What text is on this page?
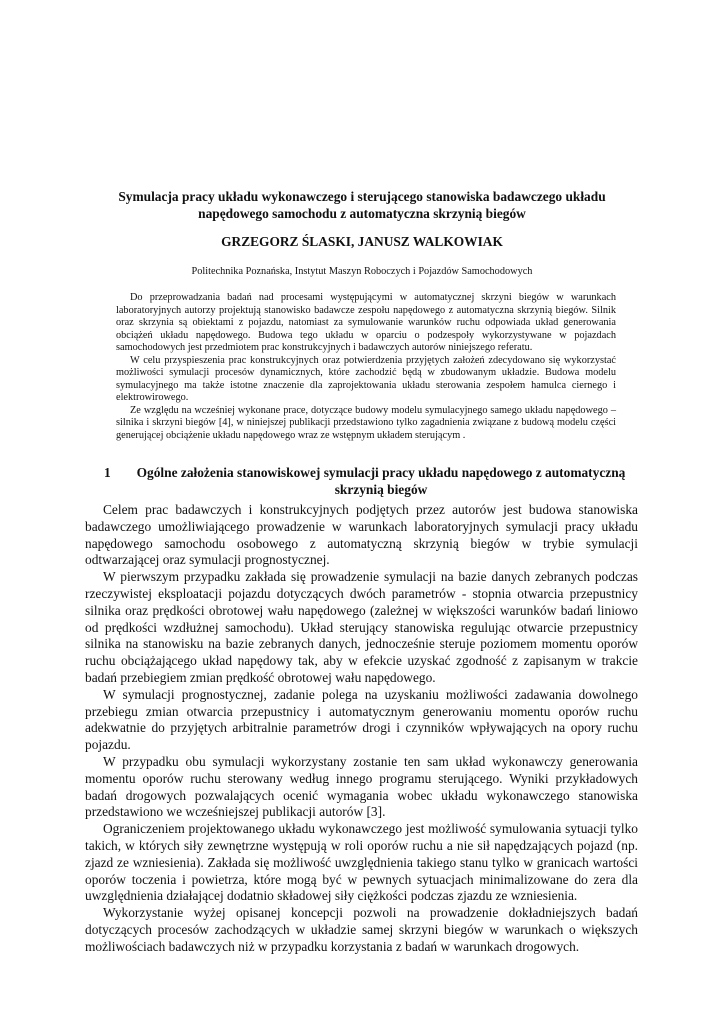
Symulacja pracy układu wykonawczego i sterującego stanowiska badawczego układu napędowego samochodu z automatyczna skrzynią biegów
GRZEGORZ ŚLASKI, JANUSZ WALKOWIAK
Politechnika Poznańska, Instytut Maszyn Roboczych i Pojazdów Samochodowych

Do przeprowadzania badań nad procesami występującymi w automatycznej skrzyni biegów w warunkach laboratoryjnych autorzy projektują stanowisko badawcze zespołu napędowego z automatyczna skrzynią biegów. Silnik oraz skrzynia są obiektami z pojazdu, natomiast za symulowanie warunków ruchu odpowiada układ generowania obciążeń układu napędowego. Budowa tego układu w oparciu o podzespoły wykorzystywane w pojazdach samochodowych jest przedmiotem prac konstrukcyjnych i badawczych autorów niniejszego referatu.

W celu przyspieszenia prac konstrukcyjnych oraz potwierdzenia przyjętych założeń zdecydowano się wykorzystać możliwości symulacji procesów dynamicznych, które zachodzić będą w zbudowanym układzie. Budowa modelu symulacyjnego ma także istotne znaczenie dla zaprojektowania układu sterowania zespołem hamulca ciernego i elektrowirowego.

Ze względu na wcześniej wykonane prace, dotyczące budowy modelu symulacyjnego samego układu napędowego – silnika i skrzyni biegów [4], w niniejszej publikacji przedstawiono tylko zagadnienia związane z budową modelu części generującej obciążenie układu napędowego wraz ze wstępnym układem sterującym .

1	Ogólne założenia stanowiskowej symulacji pracy układu napędowego z automatyczną skrzynią biegów

Celem prac badawczych i konstrukcyjnych podjętych przez autorów jest budowa stanowiska badawczego umożliwiającego prowadzenie w warunkach laboratoryjnych symulacji pracy układu napędowego samochodu osobowego z automatyczną skrzynią biegów w trybie symulacji odtwarzającej oraz symulacji prognostycznej.

W pierwszym przypadku zakłada się prowadzenie symulacji na bazie danych zebranych podczas rzeczywistej eksploatacji pojazdu dotyczących dwóch parametrów - stopnia otwarcia przepustnicy silnika oraz prędkości obrotowej wału napędowego (zależnej w większości warunków badań liniowo od prędkości wzdłużnej samochodu). Układ sterujący stanowiska regulując otwarcie przepustnicy silnika na stanowisku na bazie zebranych danych, jednocześnie steruje poziomem momentu oporów ruchu obciążającego układ napędowy tak, aby w efekcie uzyskać zgodność z zapisanym w trakcie badań przebiegiem zmian prędkość obrotowej wału napędowego.

W symulacji prognostycznej, zadanie polega na uzyskaniu możliwości zadawania dowolnego przebiegu zmian otwarcia przepustnicy i automatycznym generowaniu momentu oporów ruchu adekwatnie do przyjętych arbitralnie parametrów drogi i czynników wpływających na opory ruchu pojazdu.

W przypadku obu symulacji wykorzystany zostanie ten sam układ wykonawczy generowania momentu oporów ruchu sterowany według innego programu sterującego. Wyniki przykładowych badań drogowych pozwalających ocenić wymagania wobec układu wykonawczego stanowiska przedstawiono we wcześniejszej publikacji autorów [3].

Ograniczeniem projektowanego układu wykonawczego jest możliwość symulowania sytuacji tylko takich, w których siły zewnętrzne występują w roli oporów ruchu a nie sił napędzających pojazd (np. zjazd ze wzniesienia). Zakłada się możliwość uwzględnienia takiego stanu tylko w granicach wartości oporów toczenia i powietrza, które mogą być w pewnych sytuacjach minimalizowane do zera dla uwzględnienia działającej dodatnio składowej siły ciężkości podczas zjazdu ze wzniesienia.

Wykorzystanie wyżej opisanej koncepcji pozwoli na prowadzenie dokładniejszych badań dotyczących procesów zachodzących w układzie samej skrzyni biegów w warunkach o większych możliwościach badawczych niż w przypadku korzystania z badań w warunkach drogowych.
